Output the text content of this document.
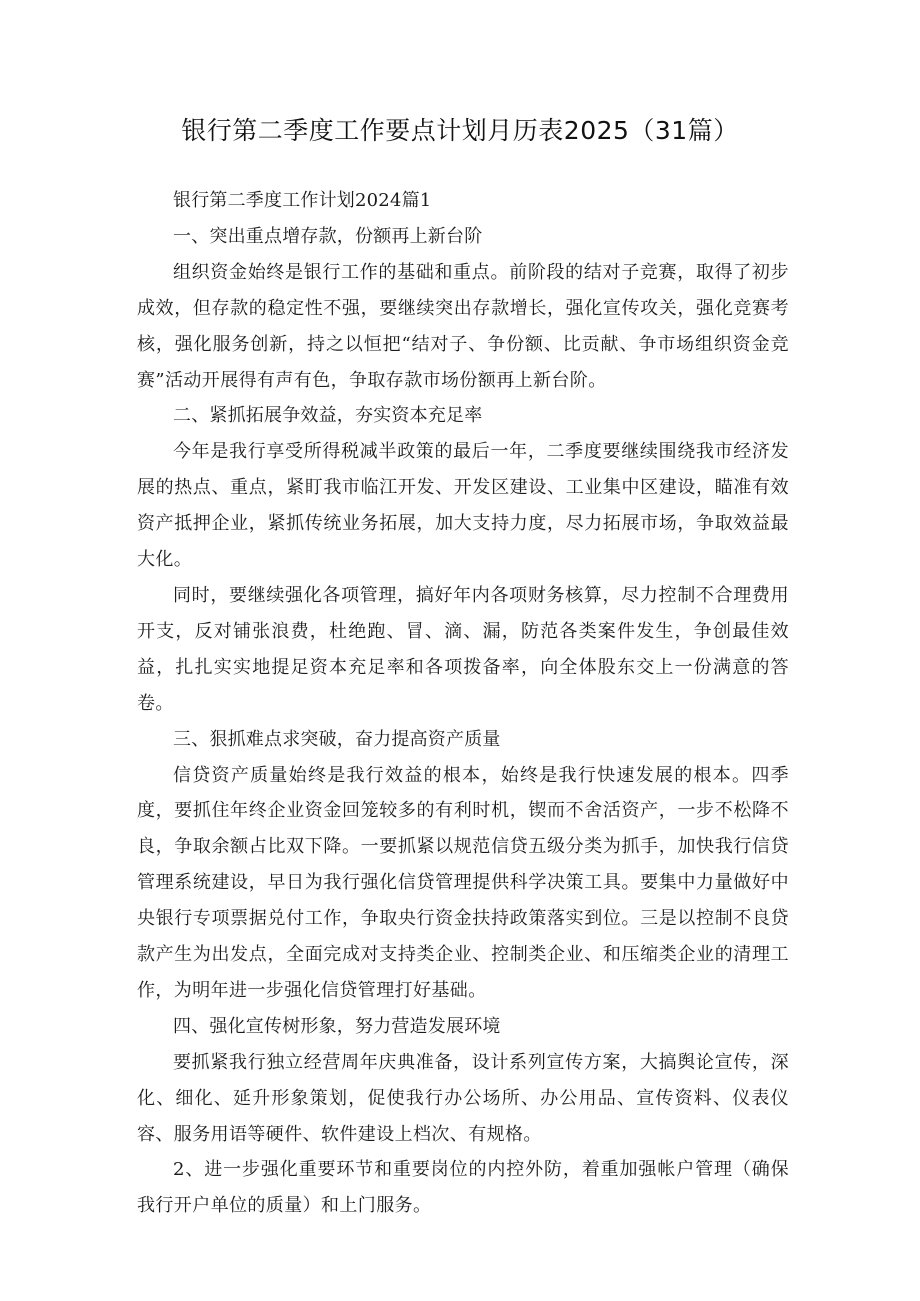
银行第二季度工作要点计划月历表2025（31篇）

银行第二季度工作计划2024篇1

一、突出重点增存款，份额再上新台阶

组织资金始终是银行工作的基础和重点。前阶段的结对子竞赛，取得了初步成效，但存款的稳定性不强，要继续突出存款增长，强化宣传攻关，强化竞赛考核，强化服务创新，持之以恒把“结对子、争份额、比贡献、争市场组织资金竞赛”活动开展得有声有色，争取存款市场份额再上新台阶。

二、紧抓拓展争效益，夯实资本充足率

今年是我行享受所得税减半政策的最后一年，二季度要继续围绕我市经济发展的热点、重点，紧盯我市临江开发、开发区建设、工业集中区建设，瞄准有效资产抵押企业，紧抓传统业务拓展，加大支持力度，尽力拓展市场，争取效益最大化。

同时，要继续强化各项管理，搞好年内各项财务核算，尽力控制不合理费用开支，反对铺张浪费，杜绝跑、冒、滴、漏，防范各类案件发生，争创最佳效益，扎扎实实地提足资本充足率和各项拨备率，向全体股东交上一份满意的答卷。

三、狠抓难点求突破，奋力提高资产质量

信贷资产质量始终是我行效益的根本，始终是我行快速发展的根本。四季度，要抓住年终企业资金回笼较多的有利时机，锲而不舍活资产，一步不松降不良，争取余额占比双下降。一要抓紧以规范信贷五级分类为抓手，加快我行信贷管理系统建设，早日为我行强化信贷管理提供科学决策工具。要集中力量做好中央银行专项票据兑付工作，争取央行资金扶持政策落实到位。三是以控制不良贷款产生为出发点，全面完成对支持类企业、控制类企业、和压缩类企业的清理工作，为明年进一步强化信贷管理打好基础。

四、强化宣传树形象，努力营造发展环境

要抓紧我行独立经营周年庆典准备，设计系列宣传方案，大搞舆论宣传，深化、细化、延升形象策划，促使我行办公场所、办公用品、宣传资料、仪表仪容、服务用语等硬件、软件建设上档次、有规格。

2、进一步强化重要环节和重要岗位的内控外防，着重加强帐户管理（确保我行开户单位的质量）和上门服务。
